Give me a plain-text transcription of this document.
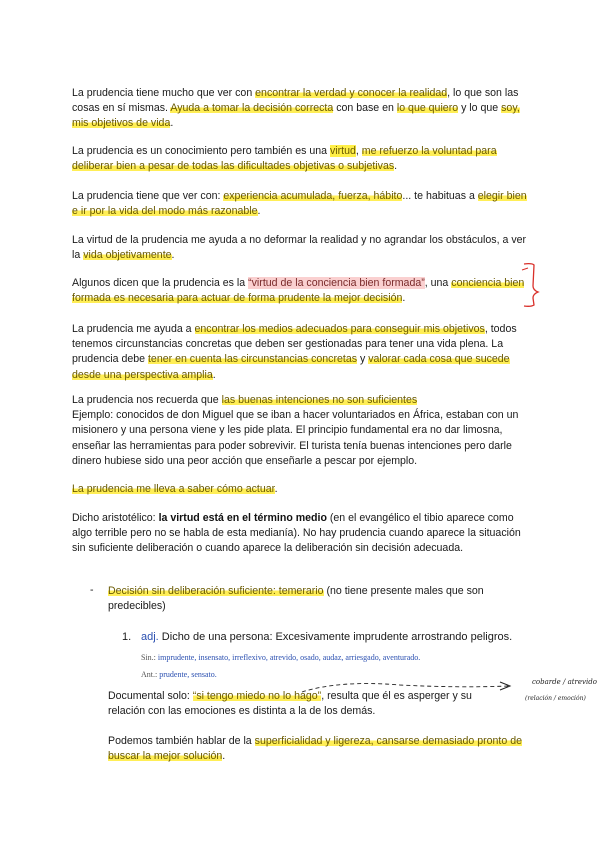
La prudencia tiene mucho que ver con encontrar la verdad y conocer la realidad, lo que son las cosas en sí mismas. Ayuda a tomar la decisión correcta con base en lo que quiero y lo que soy, mis objetivos de vida.

La prudencia es un conocimiento pero también es una virtud, me refuerzo la voluntad para deliberar bien a pesar de todas las dificultades objetivas o subjetivas.

La prudencia tiene que ver con: experiencia acumulada, fuerza, hábito... te habituas a elegir bien e ir por la vida del modo más razonable.

La virtud de la prudencia me ayuda a no deformar la realidad y no agrandar los obstáculos, a ver la vida objetivamente.

Algunos dicen que la prudencia es la “virtud de la conciencia bien formada”, una conciencia bien formada es necesaria para actuar de forma prudente la mejor decisión.

La prudencia me ayuda a encontrar los medios adecuados para conseguir mis objetivos, todos tenemos circunstancias concretas que deben ser gestionadas para tener una vida plena. La prudencia debe tener en cuenta las circunstancias concretas y valorar cada cosa que sucede desde una perspectiva amplia.

La prudencia nos recuerda que las buenas intenciones no son suficientes
Ejemplo: conocidos de don Miguel que se iban a hacer voluntariados en África, estaban con un misionero y una persona viene y les pide plata. El principio fundamental era no dar limosna, enseñar las herramientas para poder sobrevivir. El turista tenía buenas intenciones pero darle dinero hubiese sido una peor acción que enseñarle a pescar por ejemplo.

La prudencia me lleva a saber cómo actuar.

Dicho aristotélico: la virtud está en el término medio (en el evangélico el tibio aparece como algo terrible pero no se habla de esta medianía). No hay prudencia cuando aparece la situación sin suficiente deliberación o cuando aparece la deliberación sin decisión adecuada.

- Decisión sin deliberación suficiente: temerario (no tiene presente males que son predecibles)

1. adj. Dicho de una persona: Excesivamente imprudente arrostrando peligros.
Sin.: imprudente, insensato, irreflexivo, atrevido, osado, audaz, arriesgado, aventurado.
Ant.: prudente, sensato.

Documental solo: “si tengo miedo no lo hago”, resulta que él es asperger y su relación con las emociones es distinta a la de los demás.

cobarde / atrevido
(relación / emoción)

Podemos también hablar de la superficialidad y ligereza, cansarse demasiado pronto de buscar la mejor solución.
